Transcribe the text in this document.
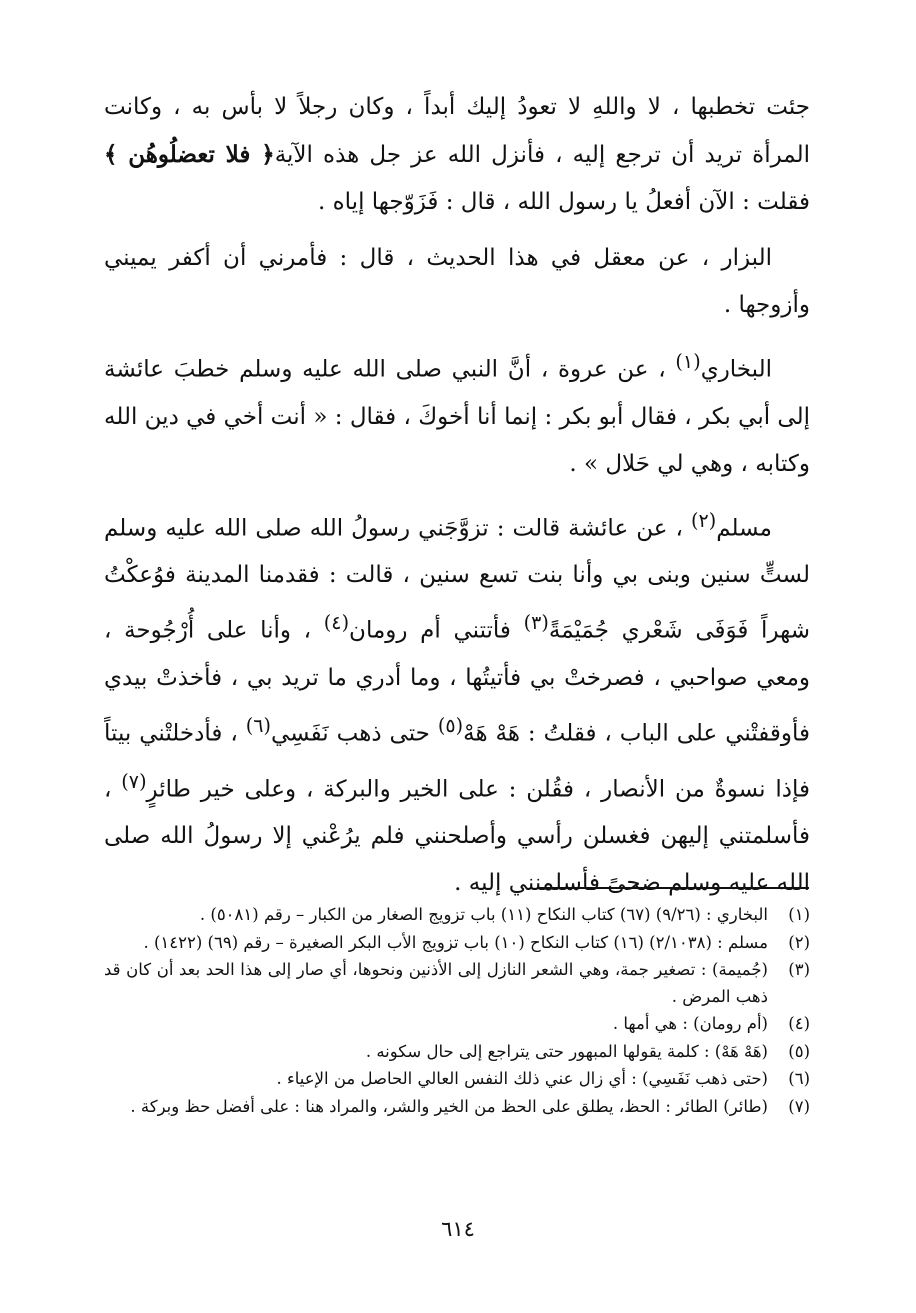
جئت تخطبها ، لا واللهِ لا تعودُ إليك أبداً ، وكان رجلاً لا بأس به ، وكانت المرأة تريد أن ترجع إليه ، فأنزل الله عز جل هذه الآية﴿ فلا تعضلُوهُن ﴾ فقلت : الآن أفعلُ يا رسول الله ، قال : فَزَوّجها إياه .

البزار ، عن معقل في هذا الحديث ، قال : فأمرني أن أكفر يميني وأزوجها .

البخاري$^{(١)}$ ، عن عروة ، أنَّ النبي صلى الله عليه وسلم خطبَ عائشة إلى أبي بكر ، فقال أبو بكر : إنما أنا أخوكَ ، فقال : « أنت أخي في دين الله وكتابه ، وهي لي حَلال » .

مسلم$^{(٢)}$ ، عن عائشة قالت : تزوَّجَني رسولُ الله صلى الله عليه وسلم لستٍّ سنين وبنى بي وأنا بنت تسع سنين ، قالت : فقدمنا المدينة فوُعكْتُ شهراً فَوَفَى شَعْري جُمَيْمَةً$^{(٣)}$ فأتتني أم رومان$^{(٤)}$ ، وأنا على أُرْجُوحة ، ومعي صواحبي ، فصرختْ بي فأتيتُها ، وما أدري ما تريد بي ، فأخذتْ بيدي فأوقفتْني على الباب ، فقلتُ : هَهْ هَهْ$^{(٥)}$ حتى ذهب نَفَسِي$^{(٦)}$ ، فأدخلتْني بيتاً فإذا نسوةٌ من الأنصار ، فقُلن : على الخير والبركة ، وعلى خير طائرٍ$^{(٧)}$ ، فأسلمتني إليهن فغسلن رأسي وأصلحنني فلم يرُعْني إلا رسولُ الله صلى الله عليه وسلم ضحىً فأسلمنني إليه .

(١)
البخاري : (٩/٢٦) (٦٧) كتاب النكاح (١١) باب تزويج الصغار من الكبار – رقم (٥٠٨١) .
(٢)
مسلم : (٢/١٠٣٨) (١٦) كتاب النكاح (١٠) باب تزويج الأب البكر الصغيرة – رقم (٦٩) (١٤٢٢) .
(٣)
(جُميمة) : تصغير جمة، وهي الشعر النازل إلى الأذنين ونحوها، أي صار إلى هذا الحد بعد أن كان قد ذهب المرض .
(٤)
(أم رومان) : هي أمها .
(٥)
(هَهْ هَهْ) : كلمة يقولها المبهور حتى يتراجع إلى حال سكونه .
(٦)
(حتى ذهب نَفَسِي) : أي زال عني ذلك النفس العالي الحاصل من الإعياء .
(٧)
(طائر) الطائر : الحظ، يطلق على الحظ من الخير والشر، والمراد هنا : على أفضل حظ وبركة .
٦١٤
